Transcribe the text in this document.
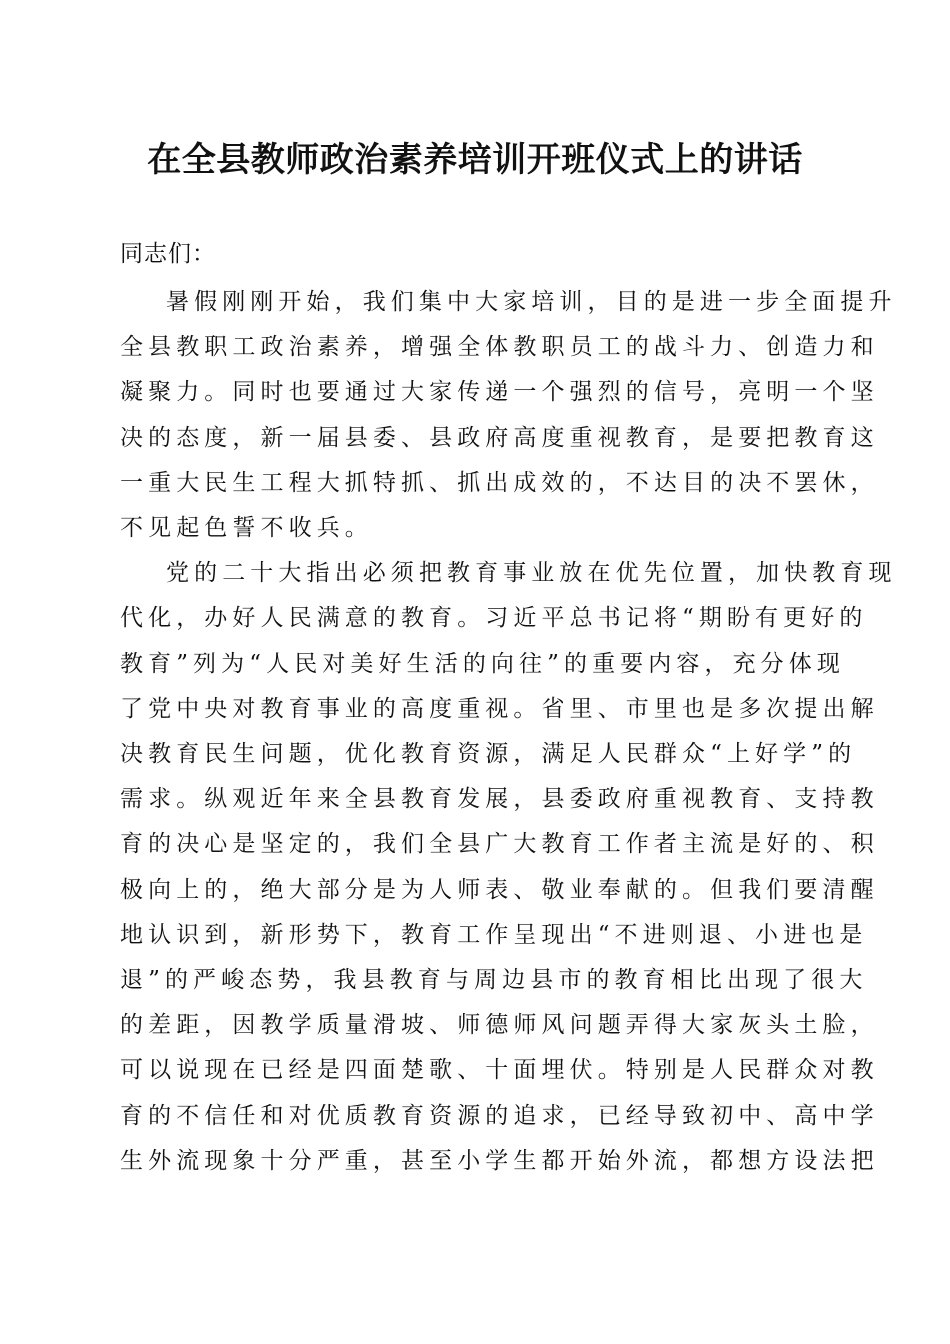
在全县教师政治素养培训开班仪式上的讲话

同志们：

暑假刚刚开始，我们集中大家培训，目的是进一步全面提升
全县教职工政治素养，增强全体教职员工的战斗力、创造力和
凝聚力。同时也要通过大家传递一个强烈的信号，亮明一个坚
决的态度，新一届县委、县政府高度重视教育，是要把教育这
一重大民生工程大抓特抓、抓出成效的，不达目的决不罢休，
不见起色誓不收兵。
党的二十大指出必须把教育事业放在优先位置，加快教育现
代化，办好人民满意的教育。习近平总书记将“期盼有更好的
教育”列为“人民对美好生活的向往”的重要内容，充分体现
了党中央对教育事业的高度重视。省里、市里也是多次提出解
决教育民生问题，优化教育资源，满足人民群众“上好学”的
需求。纵观近年来全县教育发展，县委政府重视教育、支持教
育的决心是坚定的，我们全县广大教育工作者主流是好的、积
极向上的，绝大部分是为人师表、敬业奉献的。但我们要清醒
地认识到，新形势下，教育工作呈现出“不进则退、小进也是
退”的严峻态势，我县教育与周边县市的教育相比出现了很大
的差距，因教学质量滑坡、师德师风问题弄得大家灰头土脸，
可以说现在已经是四面楚歌、十面埋伏。特别是人民群众对教
育的不信任和对优质教育资源的追求，已经导致初中、高中学
生外流现象十分严重，甚至小学生都开始外流，都想方设法把
